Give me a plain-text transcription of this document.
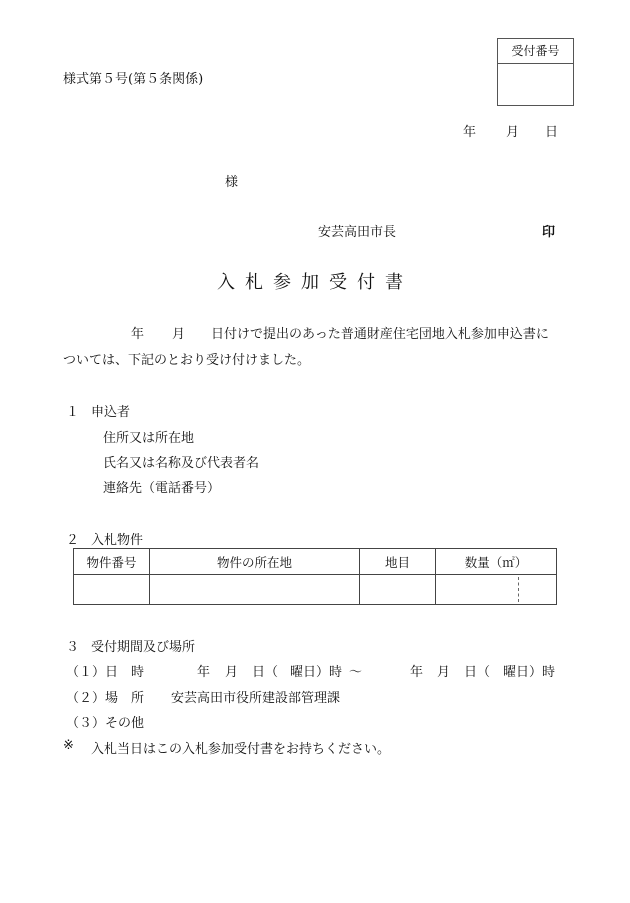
様式第５号(第５条関係)
受付番号
年 月 日
様
安芸高田市長	印
入札参加受付書
年 月 日付けで提出のあった普通財産住宅団地入札参加申込書に
ついては、下記のとおり受け付けました。
１ 申込者
住所又は所在地
氏名又は名称及び代表者名
連絡先（電話番号）
２ 入札物件
物件番号	物件の所在地	地目	数量（㎡）

３ 受付期間及び場所
（１）日　時	年 月 日（ 曜日）時 ～	年 月 日（ 曜日）時
（２）場　所 安芸高田市役所建設部管理課
（３）その他
※ 入札当日はこの入札参加受付書をお持ちください。
